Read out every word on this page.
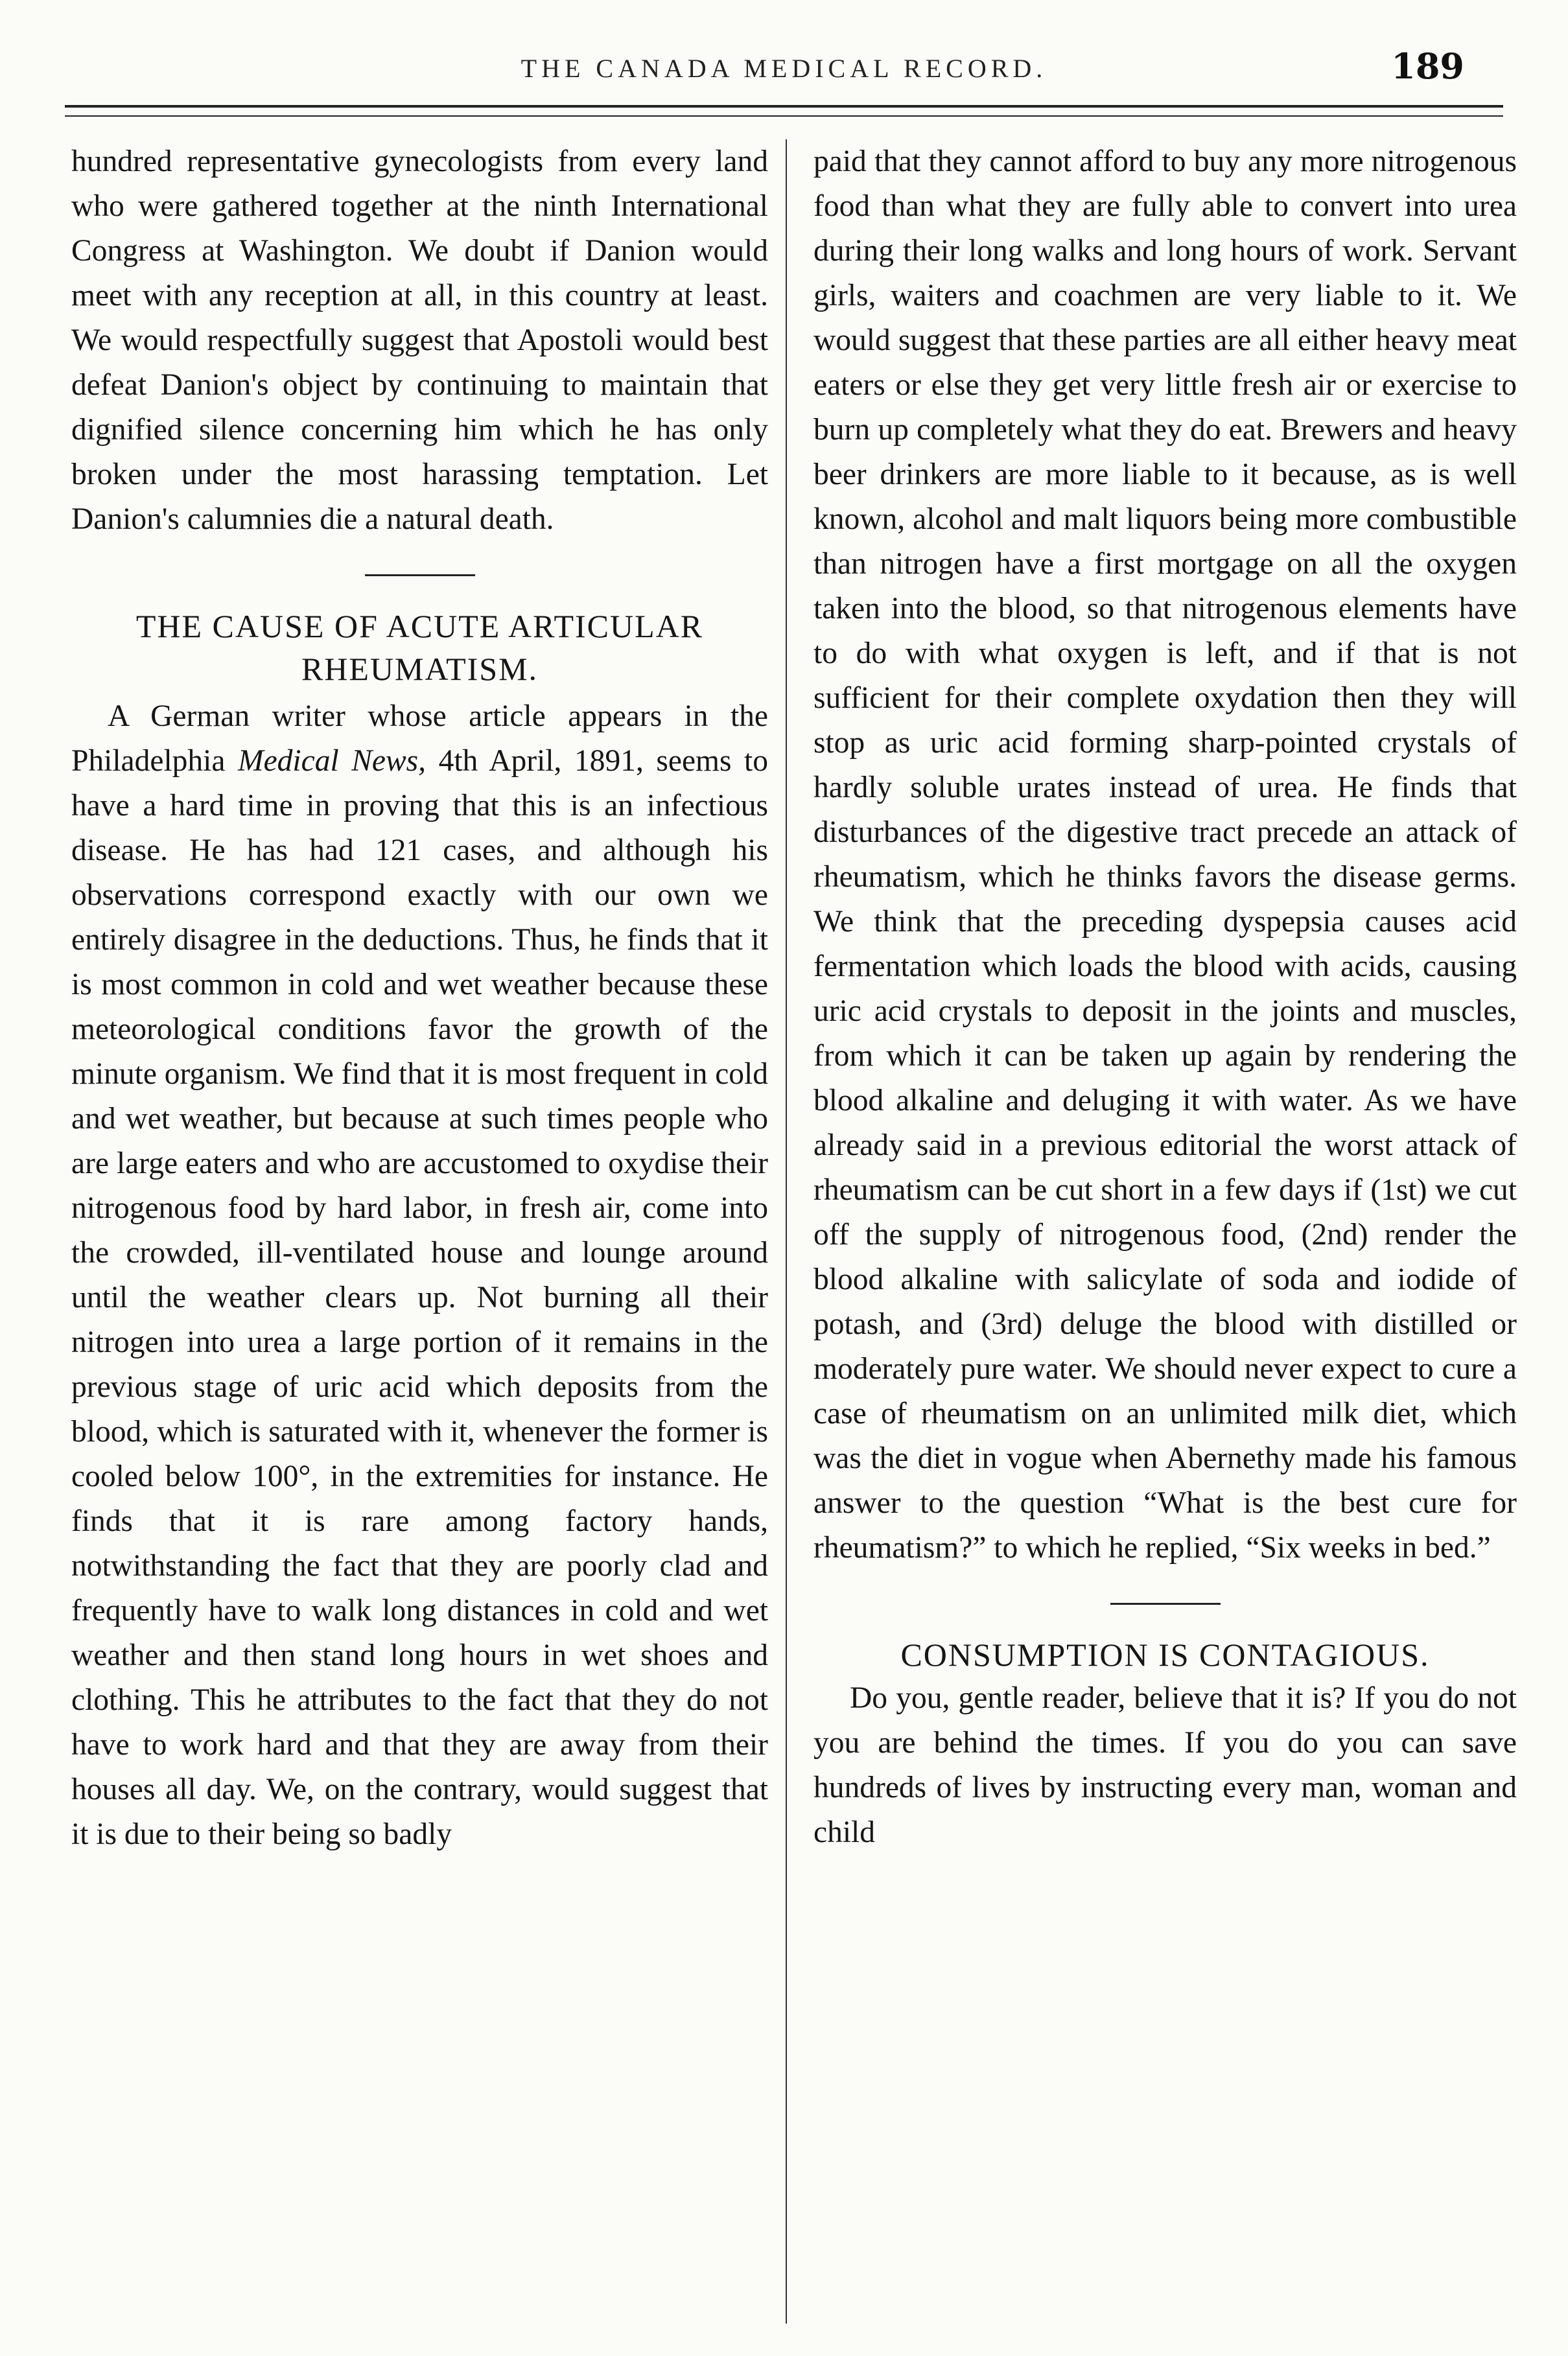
THE CANADA MEDICAL RECORD.	189

hundred representative gynecologists from every land who were gathered together at the ninth International Congress at Washington. We doubt if Danion would meet with any reception at all, in this country at least. We would respectfully suggest that Apostoli would best defeat Danion's object by continuing to maintain that dignified silence concerning him which he has only broken under the most harassing temptation. Let Danion's calumnies die a natural death.

THE CAUSE OF ACUTE ARTICULAR
RHEUMATISM.

A German writer whose article appears in the Philadelphia Medical News, 4th April, 1891, seems to have a hard time in proving that this is an infectious disease. He has had 121 cases, and although his observations correspond exactly with our own we entirely disagree in the deductions. Thus, he finds that it is most common in cold and wet weather because these meteorological conditions favor the growth of the minute organism. We find that it is most frequent in cold and wet weather, but because at such times people who are large eaters and who are accustomed to oxydise their nitrogenous food by hard labor, in fresh air, come into the crowded, ill-ventilated house and lounge around until the weather clears up. Not burning all their nitrogen into urea a large portion of it remains in the previous stage of uric acid which deposits from the blood, which is saturated with it, whenever the former is cooled below 100°, in the extremities for instance. He finds that it is rare among factory hands, notwithstanding the fact that they are poorly clad and frequently have to walk long distances in cold and wet weather and then stand long hours in wet shoes and clothing. This he attributes to the fact that they do not have to work hard and that they are away from their houses all day. We, on the contrary, would suggest that it is due to their being so badly

paid that they cannot afford to buy any more nitrogenous food than what they are fully able to convert into urea during their long walks and long hours of work. Servant girls, waiters and coachmen are very liable to it. We would suggest that these parties are all either heavy meat eaters or else they get very little fresh air or exercise to burn up completely what they do eat. Brewers and heavy beer drinkers are more liable to it because, as is well known, alcohol and malt liquors being more combustible than nitrogen have a first mortgage on all the oxygen taken into the blood, so that nitrogenous elements have to do with what oxygen is left, and if that is not sufficient for their complete oxydation then they will stop as uric acid forming sharp-pointed crystals of hardly soluble urates instead of urea. He finds that disturbances of the digestive tract precede an attack of rheumatism, which he thinks favors the disease germs. We think that the preceding dyspepsia causes acid fermentation which loads the blood with acids, causing uric acid crystals to deposit in the joints and muscles, from which it can be taken up again by rendering the blood alkaline and deluging it with water. As we have already said in a previous editorial the worst attack of rheumatism can be cut short in a few days if (1st) we cut off the supply of nitrogenous food, (2nd) render the blood alkaline with salicylate of soda and iodide of potash, and (3rd) deluge the blood with distilled or moderately pure water. We should never expect to cure a case of rheumatism on an unlimited milk diet, which was the diet in vogue when Abernethy made his famous answer to the question “What is the best cure for rheumatism?” to which he replied, “Six weeks in bed.”

CONSUMPTION IS CONTAGIOUS.

Do you, gentle reader, believe that it is? If you do not you are behind the times. If you do you can save hundreds of lives by instructing every man, woman and child
